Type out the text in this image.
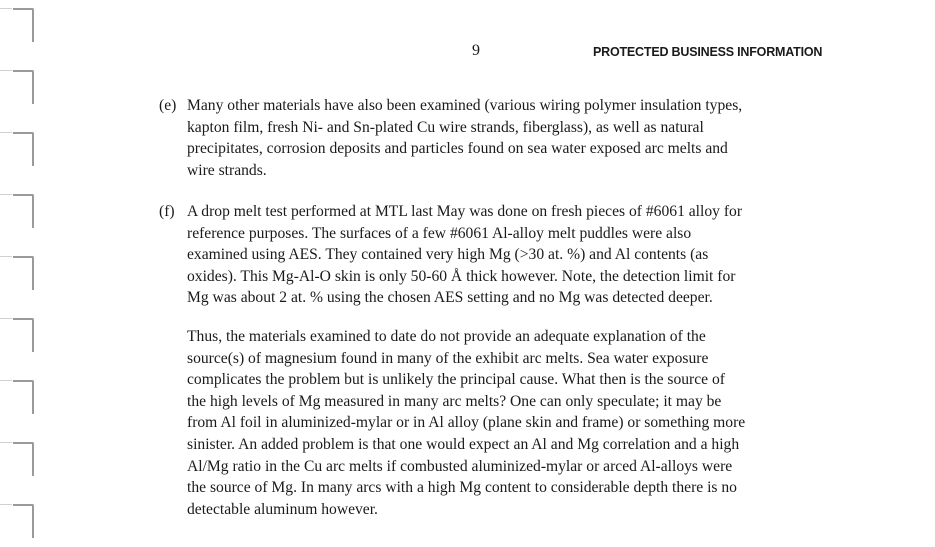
9	PROTECTED BUSINESS INFORMATION
(e) Many other materials have also been examined (various wiring polymer insulation types,
kapton film, fresh Ni- and Sn-plated Cu wire strands, fiberglass), as well as natural
precipitates, corrosion deposits and particles found on sea water exposed arc melts and
wire strands.
(f) A drop melt test performed at MTL last May was done on fresh pieces of #6061 alloy for
reference purposes. The surfaces of a few #6061 Al-alloy melt puddles were also
examined using AES. They contained very high Mg (>30 at. %) and Al contents (as
oxides). This Mg-Al-O skin is only 50-60 Å thick however. Note, the detection limit for
Mg was about 2 at. % using the chosen AES setting and no Mg was detected deeper.
Thus, the materials examined to date do not provide an adequate explanation of the
source(s) of magnesium found in many of the exhibit arc melts. Sea water exposure
complicates the problem but is unlikely the principal cause. What then is the source of
the high levels of Mg measured in many arc melts? One can only speculate; it may be
from Al foil in aluminized-mylar or in Al alloy (plane skin and frame) or something more
sinister. An added problem is that one would expect an Al and Mg correlation and a high
Al/Mg ratio in the Cu arc melts if combusted aluminized-mylar or arced Al-alloys were
the source of Mg. In many arcs with a high Mg content to considerable depth there is no
detectable aluminum however.
